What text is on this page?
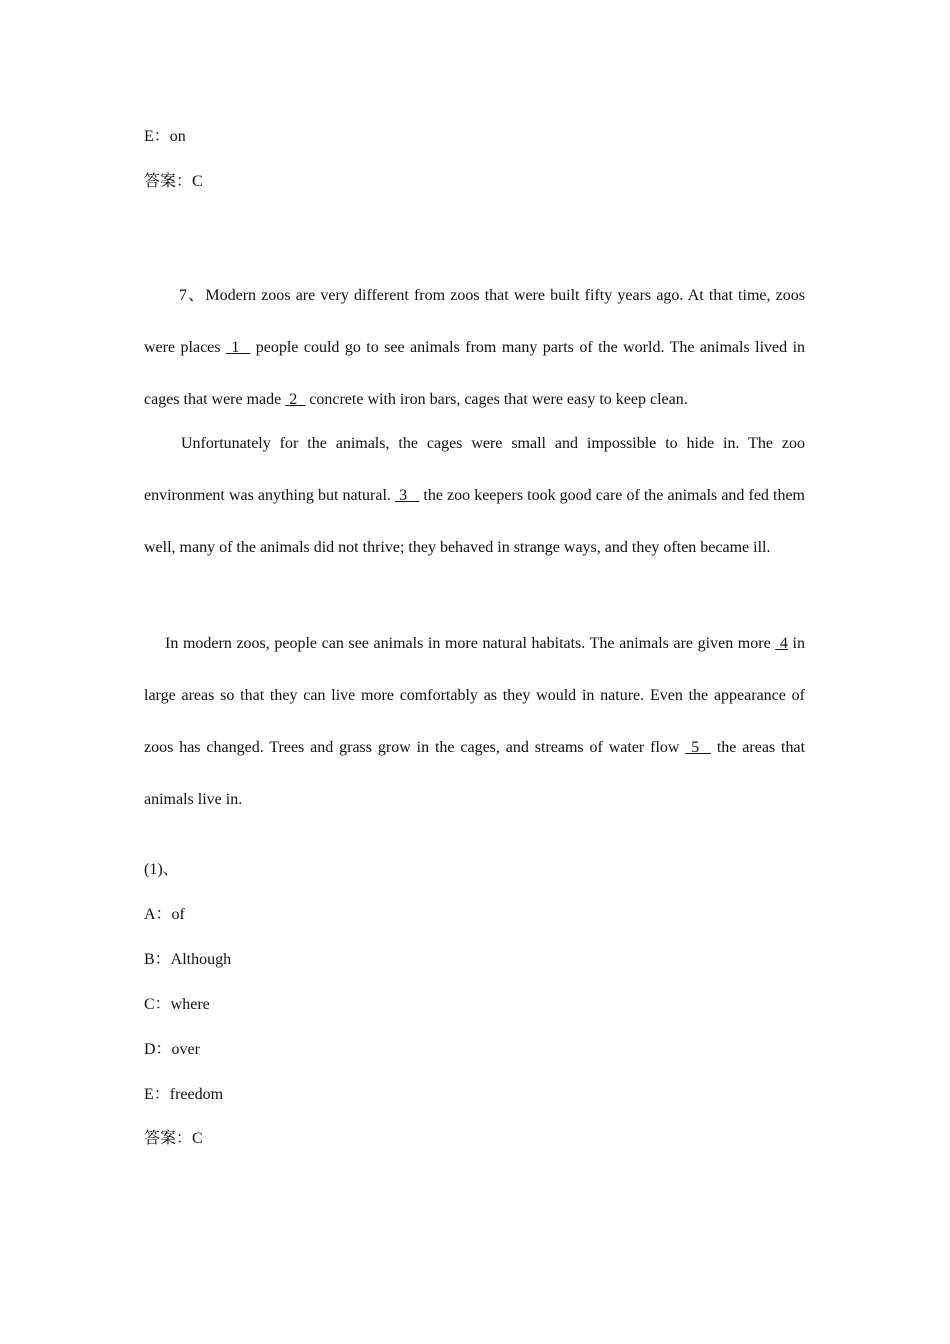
E：on
答案：C

7、Modern zoos are very different from zoos that were built fifty years ago. At that time, zoos were places  1   people could go to see animals from many parts of the world. The animals lived in cages that were made  2   concrete with iron bars, cages that were easy to keep clean.

Unfortunately for the animals, the cages were small and impossible to hide in. The zoo environment was anything but natural.  3    the zoo keepers took good care of the animals and fed them well, many of the animals did not thrive; they behaved in strange ways, and they often became ill.

In modern zoos, people can see animals in more natural habitats. The animals are given more  4 in large areas so that they can live more comfortably as they would in nature. Even the appearance of zoos has changed. Trees and grass grow in the cages, and streams of water flow  5   the areas that animals live in.

(1)、
A：of
B：Although
C：where
D：over
E：freedom
答案：C
